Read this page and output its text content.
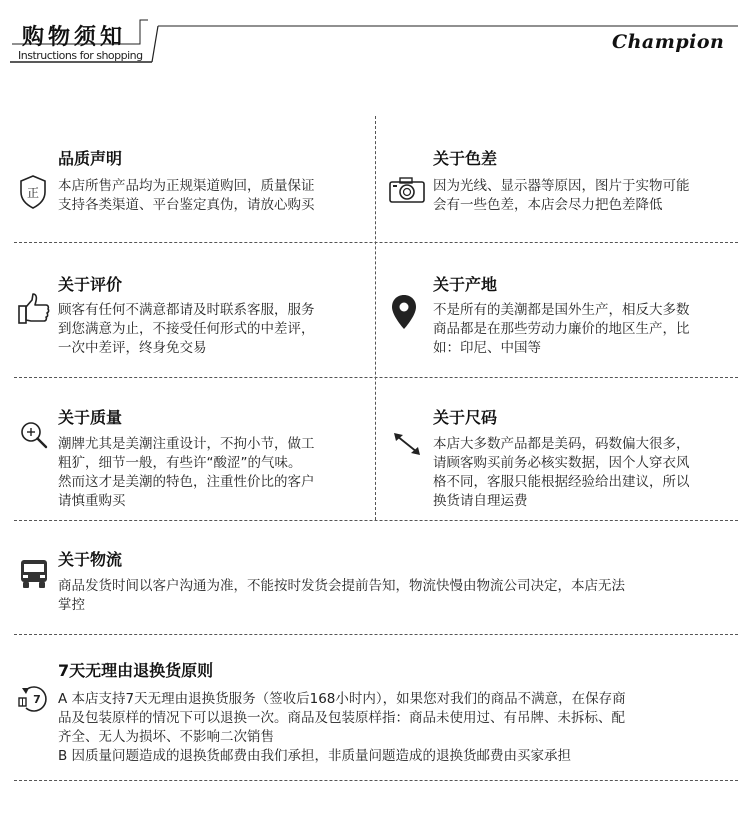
购物须知
Instructions for shopping
Champion
品质声明
正 本店所售产品均为正规渠道购回，质量保证
支持各类渠道、平台鉴定真伪，请放心购买
关于色差
因为光线、显示器等原因，图片于实物可能
会有一些色差，本店会尽力把色差降低
关于评价
顾客有任何不满意都请及时联系客服，服务
到您满意为止，不接受任何形式的中差评，
一次中差评，终身免交易
关于产地
不是所有的美潮都是国外生产，相反大多数
商品都是在那些劳动力廉价的地区生产，比
如：印尼、中国等
关于质量
潮牌尤其是美潮注重设计，不拘小节，做工
粗犷，细节一般，有些许“酸涩”的气味。
然而这才是美潮的特色，注重性价比的客户
请慎重购买
关于尺码
本店大多数产品都是美码，码数偏大很多，
请顾客购买前务必核实数据，因个人穿衣风
格不同，客服只能根据经验给出建议，所以
换货请自理运费
关于物流
商品发货时间以客户沟通为准，不能按时发货会提前告知，物流快慢由物流公司决定，本店无法
掌控
7天无理由退换货原则
7 A 本店支持7天无理由退换货服务（签收后168小时内），如果您对我们的商品不满意，在保存商
品及包装原样的情况下可以退换一次。商品及包装原样指：商品未使用过、有吊牌、未拆标、配
齐全、无人为损坏、不影响二次销售
B 因质量问题造成的退换货邮费由我们承担，非质量问题造成的退换货邮费由买家承担
